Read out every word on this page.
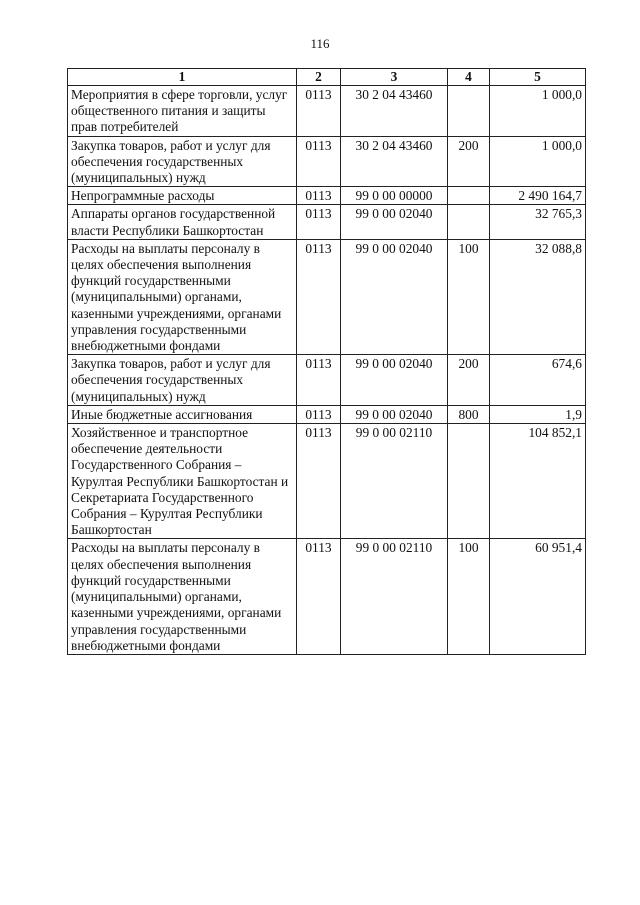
116
1	2	3	4	5
Мероприятия в сфере торговли, услуг общественного питания и защиты прав потребителей	0113	30 2 04 43460		1 000,0
Закупка товаров, работ и услуг для обеспечения государственных (муниципальных) нужд	0113	30 2 04 43460	200	1 000,0
Непрограммные расходы	0113	99 0 00 00000		2 490 164,7
Аппараты органов государственной власти Республики Башкортостан	0113	99 0 00 02040		32 765,3
Расходы на выплаты персоналу в целях обеспечения выполнения функций государственными (муниципальными) органами, казенными учреждениями, органами управления государственными внебюджетными фондами	0113	99 0 00 02040	100	32 088,8
Закупка товаров, работ и услуг для обеспечения государственных (муниципальных) нужд	0113	99 0 00 02040	200	674,6
Иные бюджетные ассигнования	0113	99 0 00 02040	800	1,9
Хозяйственное и транспортное обеспечение деятельности Государственного Собрания – Курултая Республики Башкортостан и Секретариата Государственного Собрания – Курултая Республики Башкортостан	0113	99 0 00 02110		104 852,1
Расходы на выплаты персоналу в целях обеспечения выполнения функций государственными (муниципальными) органами, казенными учреждениями, органами управления государственными внебюджетными фондами	0113	99 0 00 02110	100	60 951,4
